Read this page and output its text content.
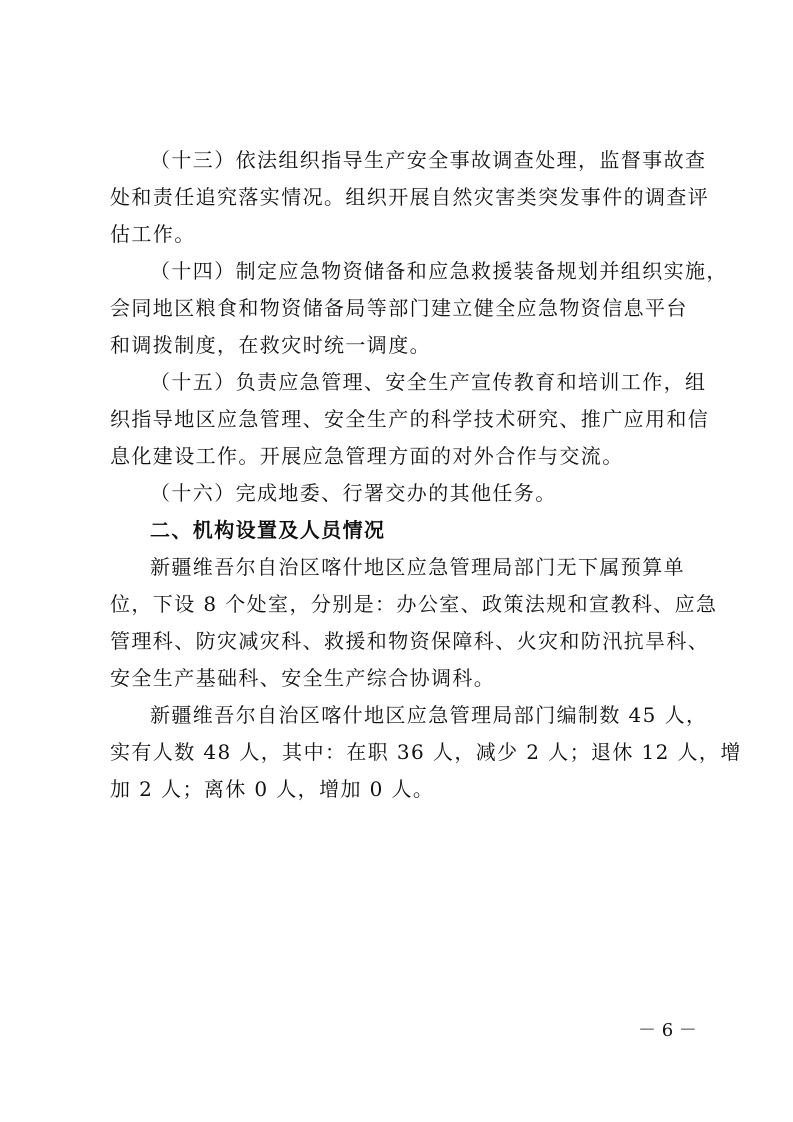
（十三）依法组织指导生产安全事故调查处理，监督事故查
处和责任追究落实情况。组织开展自然灾害类突发事件的调查评
估工作。
（十四）制定应急物资储备和应急救援装备规划并组织实施，
会同地区粮食和物资储备局等部门建立健全应急物资信息平台
和调拨制度，在救灾时统一调度。
（十五）负责应急管理、安全生产宣传教育和培训工作，组
织指导地区应急管理、安全生产的科学技术研究、推广应用和信
息化建设工作。开展应急管理方面的对外合作与交流。
（十六）完成地委、行署交办的其他任务。
二、机构设置及人员情况
新疆维吾尔自治区喀什地区应急管理局部门无下属预算单
位，下设 8 个处室，分别是：办公室、政策法规和宣教科、应急
管理科、防灾减灾科、救援和物资保障科、火灾和防汛抗旱科、
安全生产基础科、安全生产综合协调科。
新疆维吾尔自治区喀什地区应急管理局部门编制数 45 人，
实有人数 48 人，其中：在职 36 人，减少 2 人；退休 12 人，增
加 2 人；离休 0 人，增加 0 人。
－ 6 －
